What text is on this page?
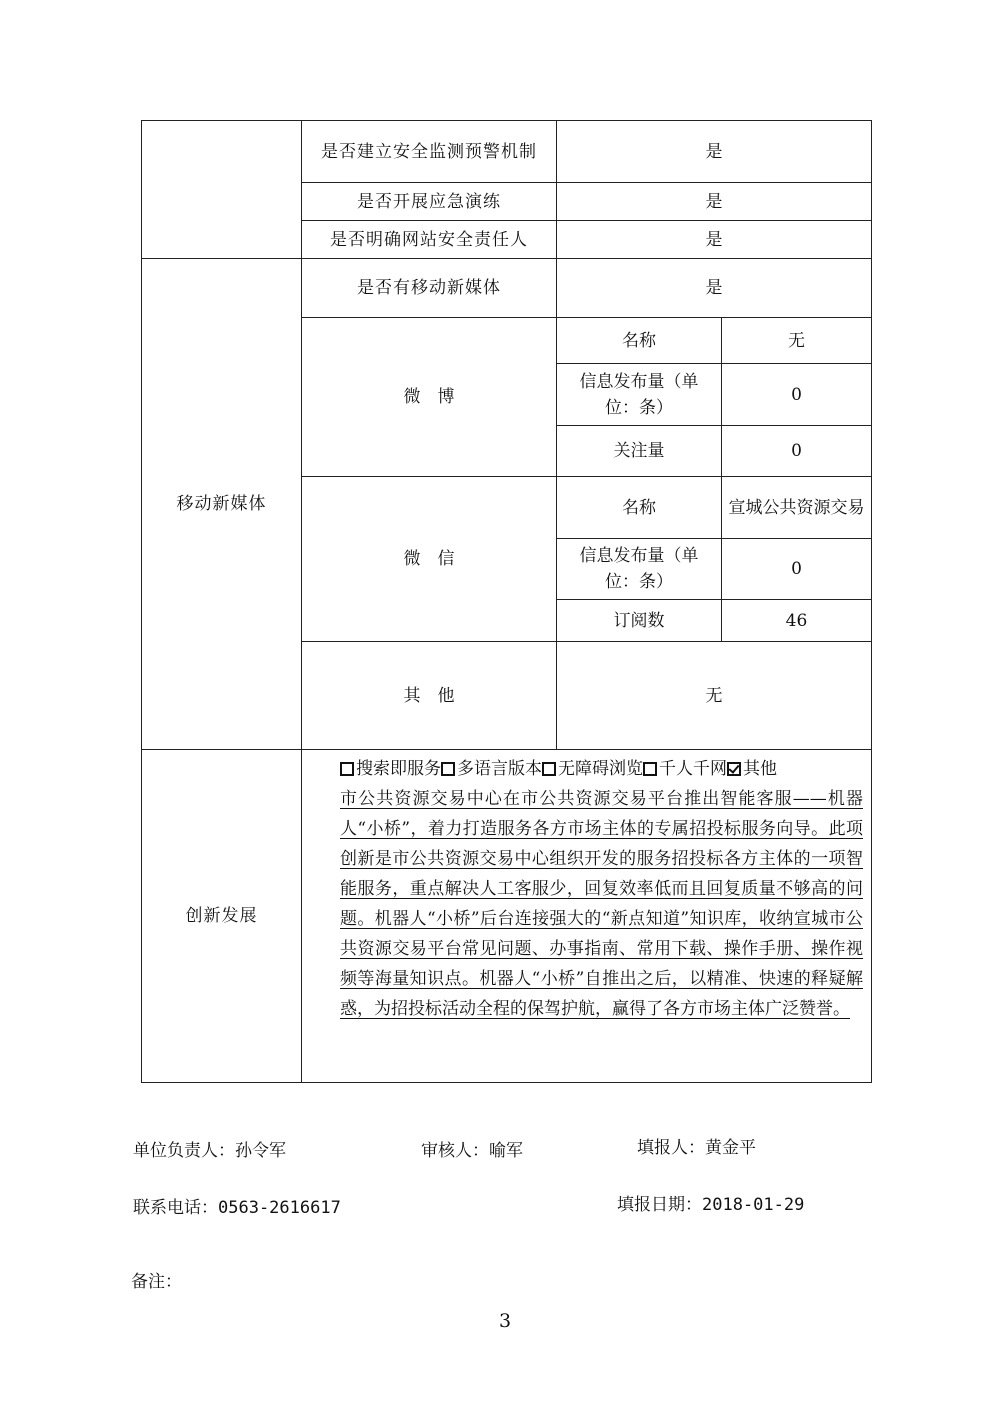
	是否建立安全监测预警机制	是	
	是否开展应急演练	是	
	是否明确网站安全责任人	是	
移动新媒体	是否有移动新媒体	是	
	微　博	名称	无
		信息发布量（单位：条）	0
		关注量	0
	微　信	名称	宣城公共资源交易
		信息发布量（单位：条）	0
		订阅数	46
	其　他	无	
创新发展	搜索即服务 多语言版本 无障碍浏览 千人千网 其他
市公共资源交易中心在市公共资源交易平台推出智能客服——机器人“小桥”，着力打造服务各方市场主体的专属招投标服务向导。此项创新是市公共资源交易中心组织开发的服务招投标各方主体的一项智能服务，重点解决人工客服少，回复效率低而且回复质量不够高的问题。机器人“小桥”后台连接强大的“新点知道”知识库，收纳宣城市公共资源交易平台常见问题、办事指南、常用下载、操作手册、操作视频等海量知识点。机器人“小桥”自推出之后，以精准、快速的释疑解惑，为招投标活动全程的保驾护航，赢得了各方市场主体广泛赞誉。		
单位负责人：孙令军	审核人：喻军	填报人：黄金平
联系电话：0563-2616617	填报日期：2018-01-29
备注：
3
